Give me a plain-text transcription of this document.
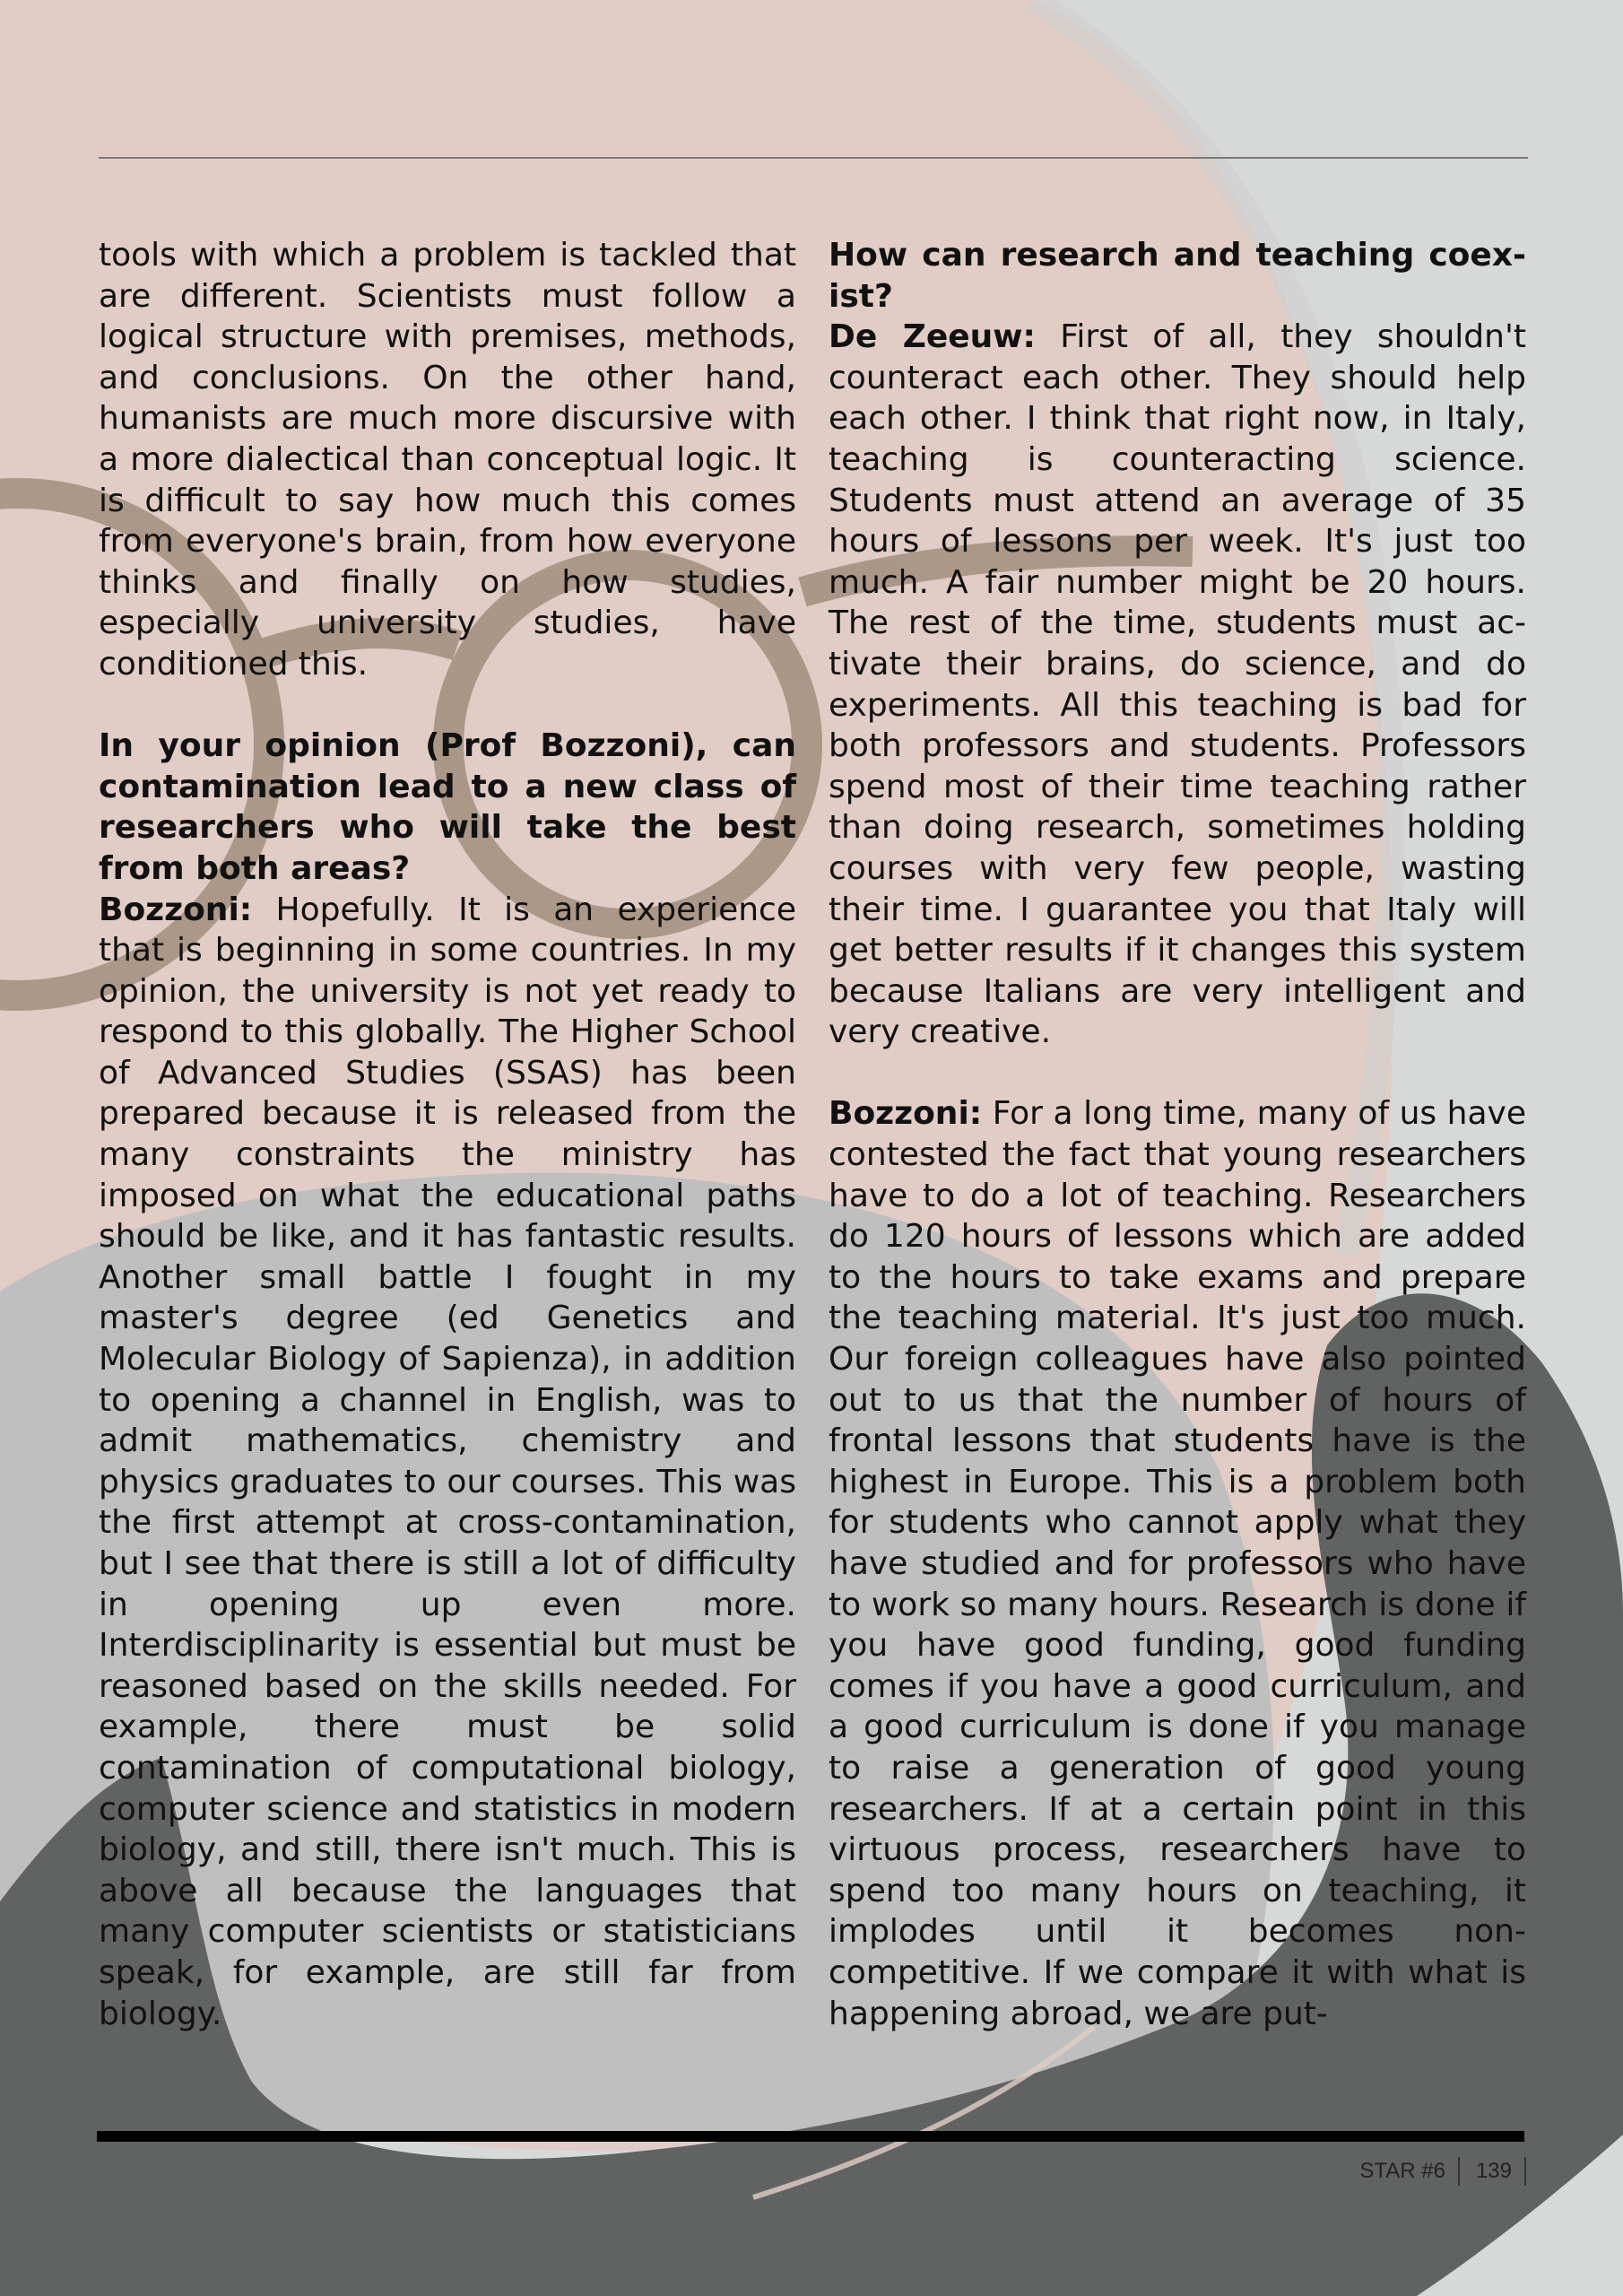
tools with which a problem is tackled that are different. Scientists must follow a logical structure with premises, methods, and conclusions. On the other hand, humanists are much more discursive with a more dialectical than conceptual logic. It is difficult to say how much this comes from everyone's brain, from how everyone thinks and finally on how studies, especially university studies, have conditioned this.

In your opinion (Prof Bozzoni), can contamination lead to a new class of researchers who will take the best from both areas?

Bozzoni: Hopefully. It is an experience that is beginning in some countries. In my opinion, the university is not yet ready to respond to this globally. The Higher School of Advanced Studies (SSAS) has been prepared because it is released from the many constraints the ministry has imposed on what the educational paths should be like, and it has fantastic results. Another small battle I fought in my master's degree (ed Genetics and Molecular Biology of Sapienza), in addition to opening a channel in English, was to admit mathematics, chemistry and physics graduates to our courses. This was the first attempt at cross-contamination, but I see that there is still a lot of difficulty in opening up even more. Interdisciplinarity is essential but must be reasoned based on the skills needed. For example, there must be solid contamination of computational biology, computer science and statistics in modern biology, and still, there isn't much. This is above all because the languages that many computer scientists or statisticians speak, for example, are still far from biology.

How can research and teaching coexist?

De Zeeuw: First of all, they shouldn't counteract each other. They should help each other. I think that right now, in Italy, teaching is counteracting science. Students must attend an average of 35 hours of lessons per week. It's just too much. A fair number might be 20 hours. The rest of the time, students must activate their brains, do science, and do experiments. All this teaching is bad for both professors and students. Professors spend most of their time teaching rather than doing research, sometimes holding courses with very few people, wasting their time. I guarantee you that Italy will get better results if it changes this system because Italians are very intelligent and very creative.

Bozzoni: For a long time, many of us have contested the fact that young researchers have to do a lot of teaching. Researchers do 120 hours of lessons which are added to the hours to take exams and prepare the teaching material. It's just too much. Our foreign colleagues have also pointed out to us that the number of hours of frontal lessons that students have is the highest in Europe. This is a problem both for students who cannot apply what they have studied and for professors who have to work so many hours. Research is done if you have good funding, good funding comes if you have a good curriculum, and a good curriculum is done if you manage to raise a generation of good young researchers. If at a certain point in this virtuous process, researchers have to spend too many hours on teaching, it implodes until it becomes non-competitive. If we compare it with what is happening abroad, we are put-

STAR #6 139
